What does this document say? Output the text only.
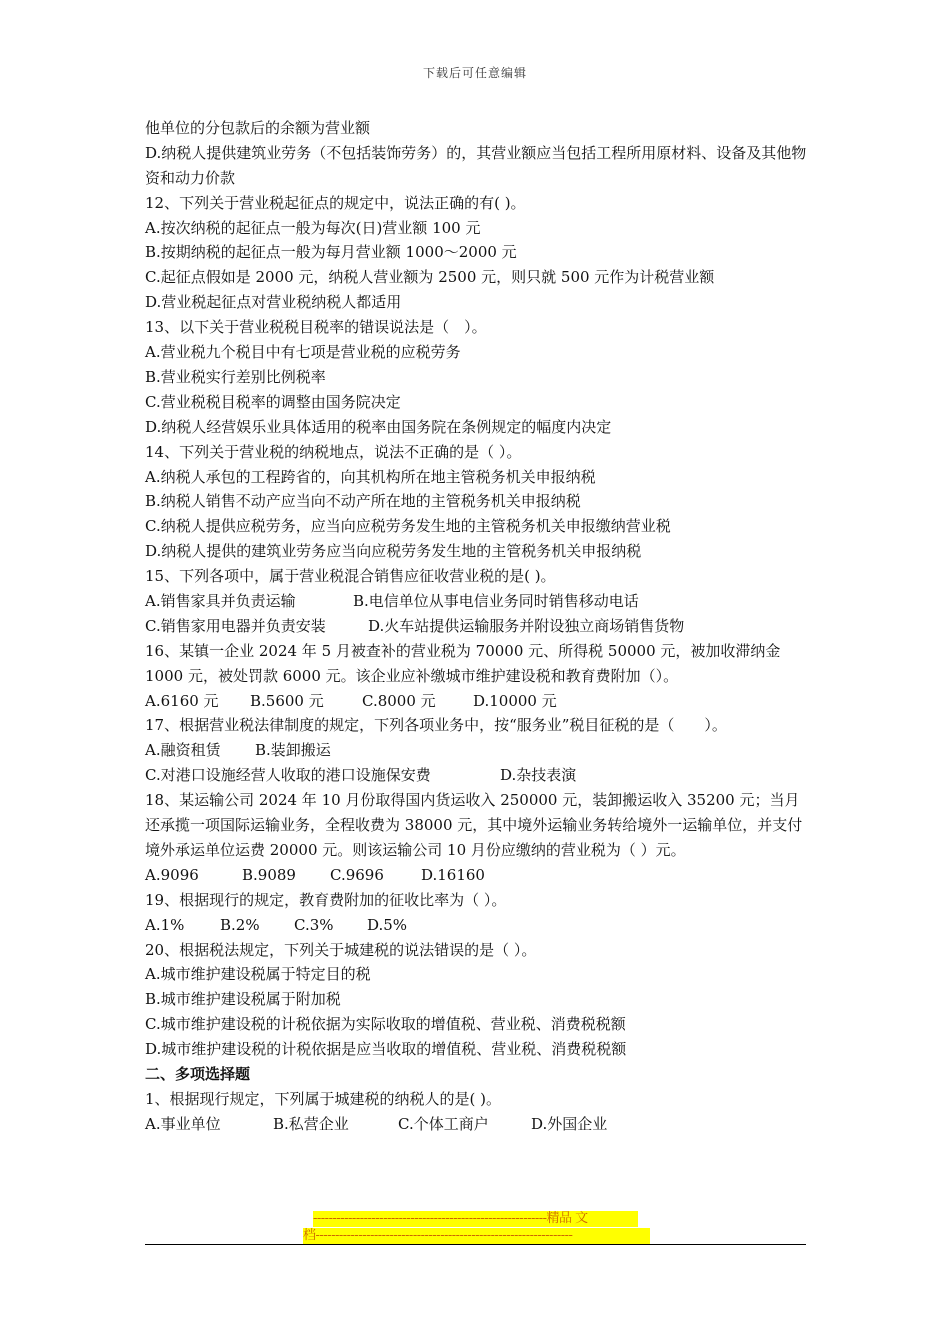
下载后可任意编辑
他单位的分包款后的余额为营业额
D.纳税人提供建筑业劳务（不包括装饰劳务）的，其营业额应当包括工程所用原材料、设备及其他物资和动力价款
12、下列关于营业税起征点的规定中，说法正确的有( )。
A.按次纳税的起征点一般为每次(日)营业额 100 元
B.按期纳税的起征点一般为每月营业额 1000～2000 元
C.起征点假如是 2000 元，纳税人营业额为 2500 元，则只就 500 元作为计税营业额
D.营业税起征点对营业税纳税人都适用
13、以下关于营业税税目税率的错误说法是（　）。
A.营业税九个税目中有七项是营业税的应税劳务
B.营业税实行差别比例税率
C.营业税税目税率的调整由国务院决定
D.纳税人经营娱乐业具体适用的税率由国务院在条例规定的幅度内决定
14、下列关于营业税的纳税地点，说法不正确的是（ ）。
A.纳税人承包的工程跨省的，向其机构所在地主管税务机关申报纳税
B.纳税人销售不动产应当向不动产所在地的主管税务机关申报纳税
C.纳税人提供应税劳务，应当向应税劳务发生地的主管税务机关申报缴纳营业税
D.纳税人提供的建筑业劳务应当向应税劳务发生地的主管税务机关申报纳税
15、下列各项中，属于营业税混合销售应征收营业税的是( )。
A.销售家具并负责运输	B.电信单位从事电信业务同时销售移动电话
C.销售家用电器并负责安装	D.火车站提供运输服务并附设独立商场销售货物
16、某镇一企业 2024 年 5 月被查补的营业税为 70000 元、所得税 50000 元，被加收滞纳金 1000 元，被处罚款 6000 元。该企业应补缴城市维护建设税和教育费附加（）。
A.6160 元 B.5600 元	C.8000 元 D.10000 元
17、根据营业税法律制度的规定，下列各项业务中，按“服务业”税目征税的是（　　）。
A.融资租赁 B.装卸搬运
C.对港口设施经营人收取的港口设施保安费	D.杂技表演
18、某运输公司 2024 年 10 月份取得国内货运收入 250000 元，装卸搬运收入 35200 元；当月还承揽一项国际运输业务，全程收费为 38000 元，其中境外运输业务转给境外一运输单位，并支付境外承运单位运费 20000 元。则该运输公司 10 月份应缴纳的营业税为（ ）元。
A.9096	B.9089 C.9696 D.16160
19、根据现行的规定，教育费附加的征收比率为（ ）。
A.1% B.2% C.3% D.5%
20、根据税法规定，下列关于城建税的说法错误的是（ ）。
A.城市维护建设税属于特定目的税
B.城市维护建设税属于附加税
C.城市维护建设税的计税依据为实际收取的增值税、营业税、消费税税额
D.城市维护建设税的计税依据是应当收取的增值税、营业税、消费税税额
二、多项选择题
1、根据现行规定，下列属于城建税的纳税人的是( )。
A.事业单位	B.私营企业	C.个体工商户	D.外国企业
------------------------------------------------------------精品 文
档------------------------------------------------------------------
